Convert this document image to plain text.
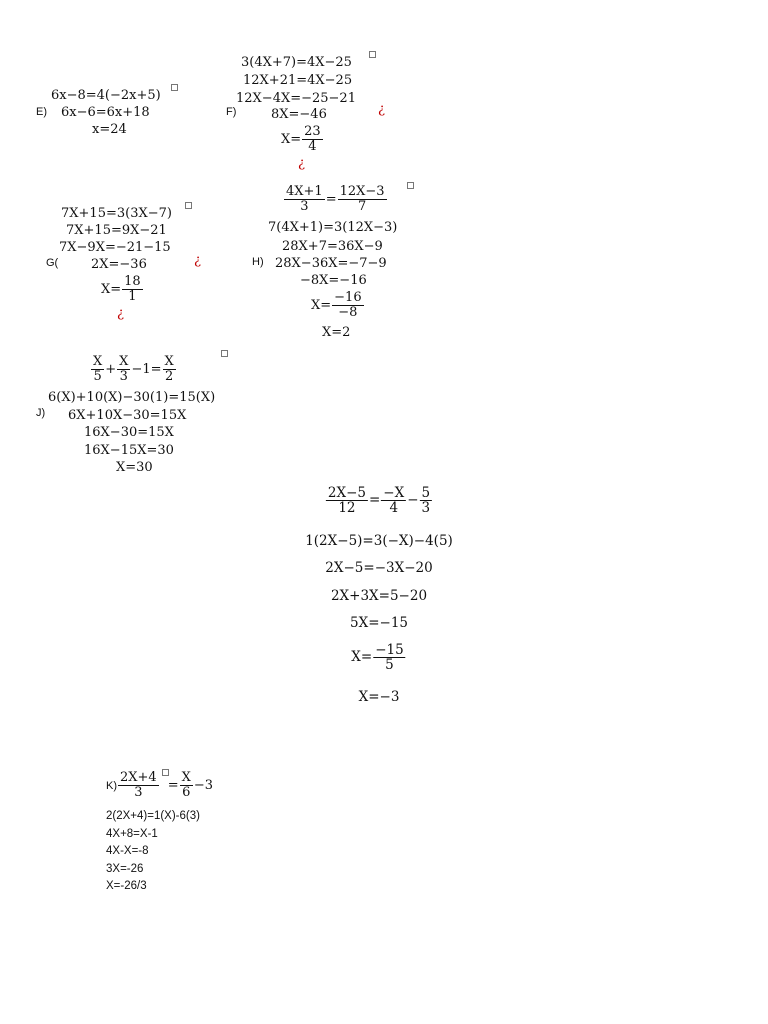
E)
6x−8=4(−2x+5)
6x−6=6x+18
x=24
F)
3(4X+7)=4X−25
12X+21=4X−25
12X−4X=−25−21
¿
8X=−46
$X= \frac{23}{4}$
¿
G(
7X+15=3(3X−7)
7X+15=9X−21
7X−9X=−21−15
2X=−36	¿
$X= \frac{18}{1}$
¿
H)
$\frac{4X+1}{3} = \frac{12X-3}{7}$
7(4X+1)=3(12X−3)
28X+7=36X−9
28X−36X=−7−9
−8X=−16
$X= \frac{-16}{-8}$
X=2
J)
$\frac{X}{5} + \frac{X}{3} -1= \frac{X}{2}$
6(X)+10(X)−30(1)=15(X)
6X+10X−30=15X
16X−30=15X
16X−15X=30
X=30
$\frac{2X-5}{12} = \frac{-X}{4} - \frac{5}{3}$
1(2X−5)=3(−X)−4(5)
2X−5=−3X−20
2X+3X=5−20
5X=−15
$X= \frac{-15}{5}$
X=−3
$K) \frac{2X+4}{3} = \frac{X}{6} -3$
2(2X+4)=1(X)-6(3)
4X+8=X-1
4X-X=-8
3X=-26
X=-26/3
